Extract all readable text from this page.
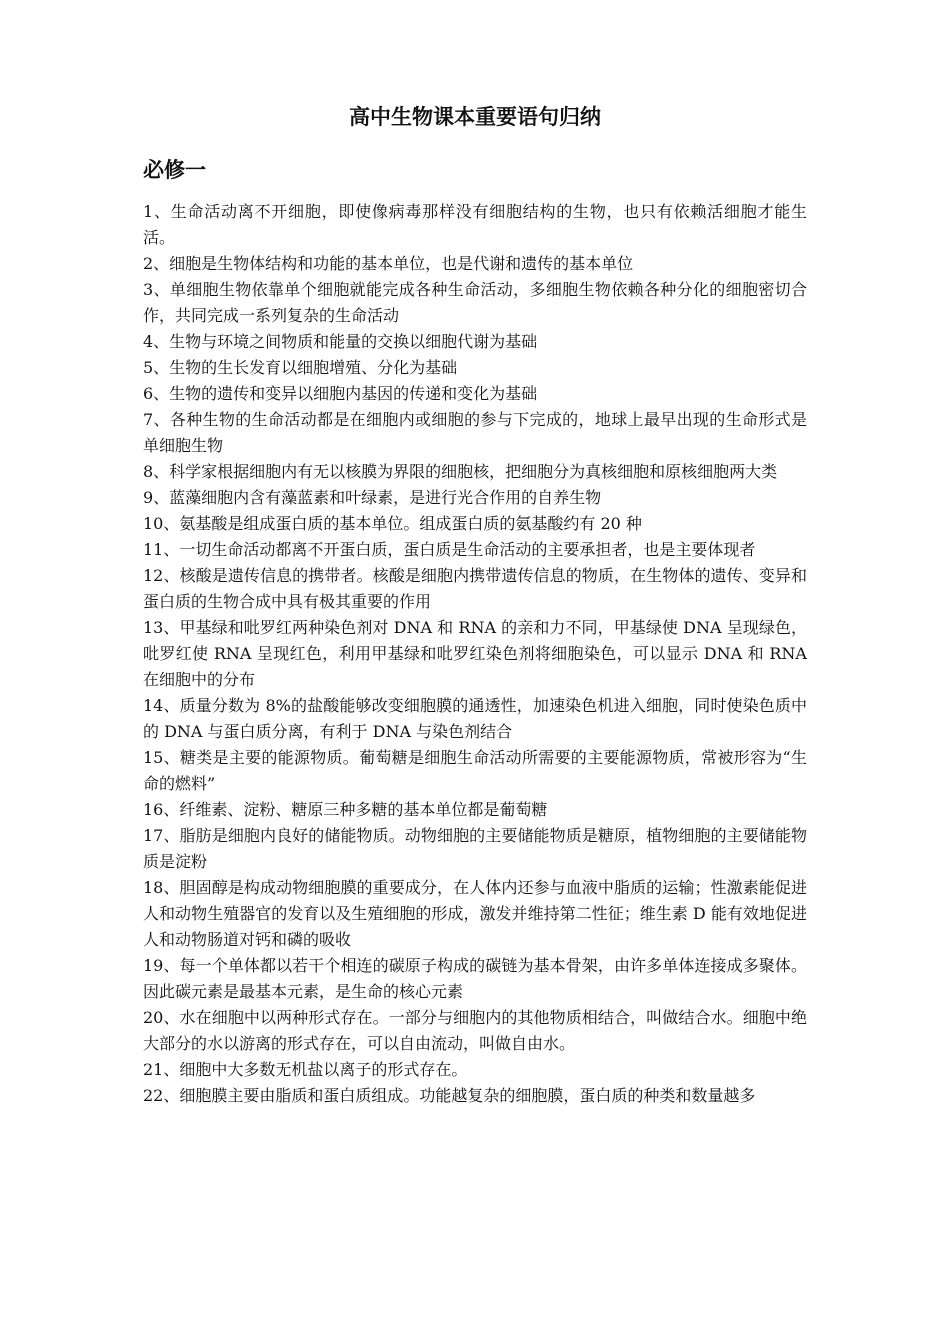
高中生物课本重要语句归纳
必修一
1、生命活动离不开细胞，即使像病毒那样没有细胞结构的生物，也只有依赖活细胞才能生活。
2、细胞是生物体结构和功能的基本单位，也是代谢和遗传的基本单位
3、单细胞生物依靠单个细胞就能完成各种生命活动，多细胞生物依赖各种分化的细胞密切合作，共同完成一系列复杂的生命活动
4、生物与环境之间物质和能量的交换以细胞代谢为基础
5、生物的生长发育以细胞增殖、分化为基础
6、生物的遗传和变异以细胞内基因的传递和变化为基础
7、各种生物的生命活动都是在细胞内或细胞的参与下完成的，地球上最早出现的生命形式是单细胞生物
8、科学家根据细胞内有无以核膜为界限的细胞核，把细胞分为真核细胞和原核细胞两大类
9、蓝藻细胞内含有藻蓝素和叶绿素，是进行光合作用的自养生物
10、氨基酸是组成蛋白质的基本单位。组成蛋白质的氨基酸约有 20 种
11、一切生命活动都离不开蛋白质，蛋白质是生命活动的主要承担者，也是主要体现者
12、核酸是遗传信息的携带者。核酸是细胞内携带遗传信息的物质，在生物体的遗传、变异和蛋白质的生物合成中具有极其重要的作用
13、甲基绿和吡罗红两种染色剂对 DNA 和 RNA 的亲和力不同，甲基绿使 DNA 呈现绿色，吡罗红使 RNA 呈现红色，利用甲基绿和吡罗红染色剂将细胞染色，可以显示 DNA 和 RNA 在细胞中的分布
14、质量分数为 8%的盐酸能够改变细胞膜的通透性，加速染色机进入细胞，同时使染色质中的 DNA 与蛋白质分离，有利于 DNA 与染色剂结合
15、糖类是主要的能源物质。葡萄糖是细胞生命活动所需要的主要能源物质，常被形容为“生命的燃料”
16、纤维素、淀粉、糖原三种多糖的基本单位都是葡萄糖
17、脂肪是细胞内良好的储能物质。动物细胞的主要储能物质是糖原，植物细胞的主要储能物质是淀粉
18、胆固醇是构成动物细胞膜的重要成分，在人体内还参与血液中脂质的运输；性激素能促进人和动物生殖器官的发育以及生殖细胞的形成，激发并维持第二性征；维生素 D 能有效地促进人和动物肠道对钙和磷的吸收
19、每一个单体都以若干个相连的碳原子构成的碳链为基本骨架，由许多单体连接成多聚体。因此碳元素是最基本元素，是生命的核心元素
20、水在细胞中以两种形式存在。一部分与细胞内的其他物质相结合，叫做结合水。细胞中绝大部分的水以游离的形式存在，可以自由流动，叫做自由水。
21、细胞中大多数无机盐以离子的形式存在。
22、细胞膜主要由脂质和蛋白质组成。功能越复杂的细胞膜，蛋白质的种类和数量越多
